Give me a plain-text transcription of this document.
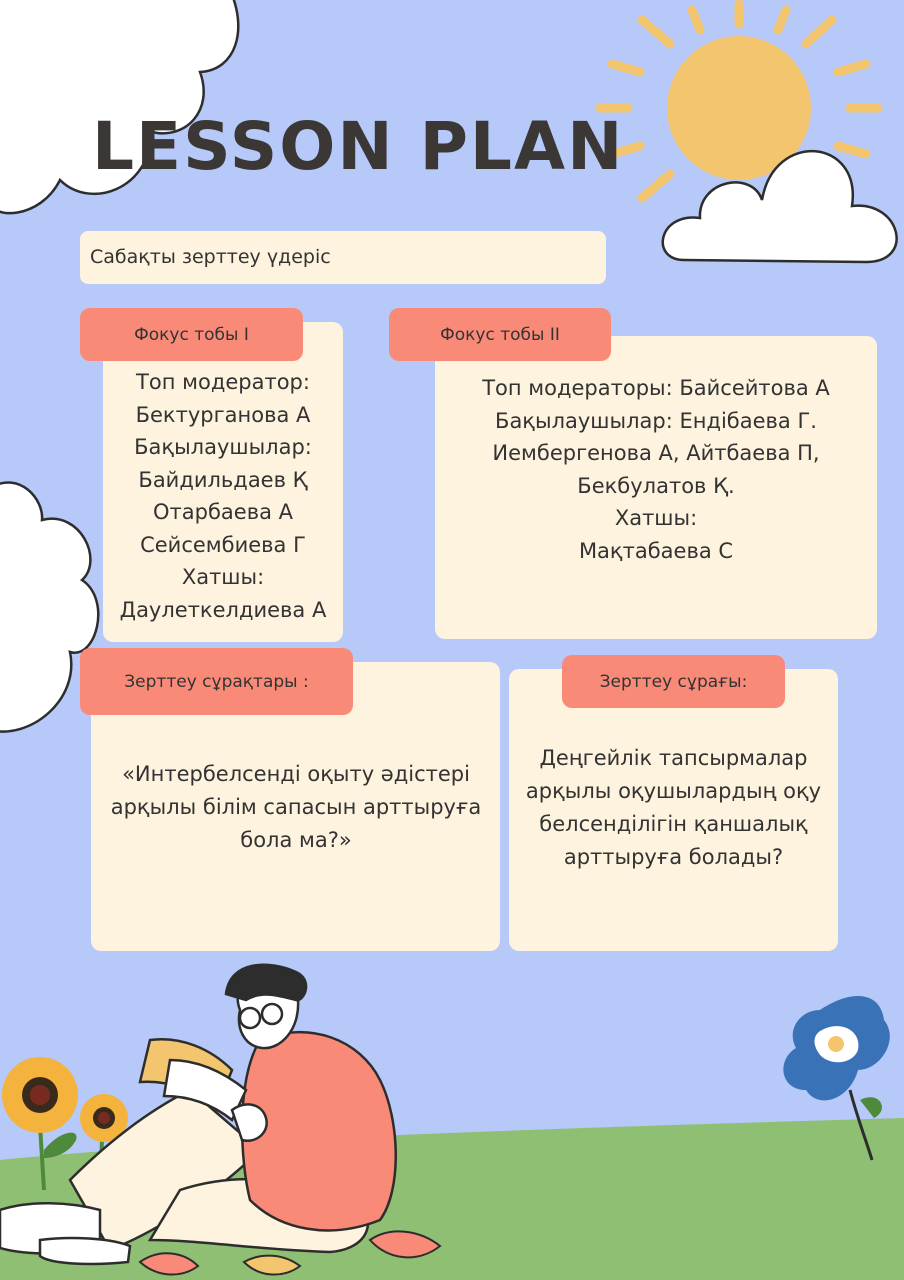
LESSON PLAN
Сабақты зерттеу үдеріс
Фокус тобы І
Топ модератор:
Бектурганова А
Бақылаушылар:
Байдильдаев Қ
Отарбаева А
Сейсембиева Г
Хатшы:
Даулеткелдиева А
Фокус тобы ІІ
Топ модераторы: Байсейтова А
Бақылаушылар: Ендібаева Г.
Иембергенова А, Айтбаева П,
Бекбулатов Қ.
Хатшы:
Мақтабаева С
Зерттеу сұрақтары :
«Интербелсенді оқыту әдістері арқылы білім сапасын арттыруға бола ма?»
Зерттеу сұрағы:
Деңгейлік тапсырмалар арқылы оқушылардың оқу белсенділігін қаншалық арттыруға болады?
